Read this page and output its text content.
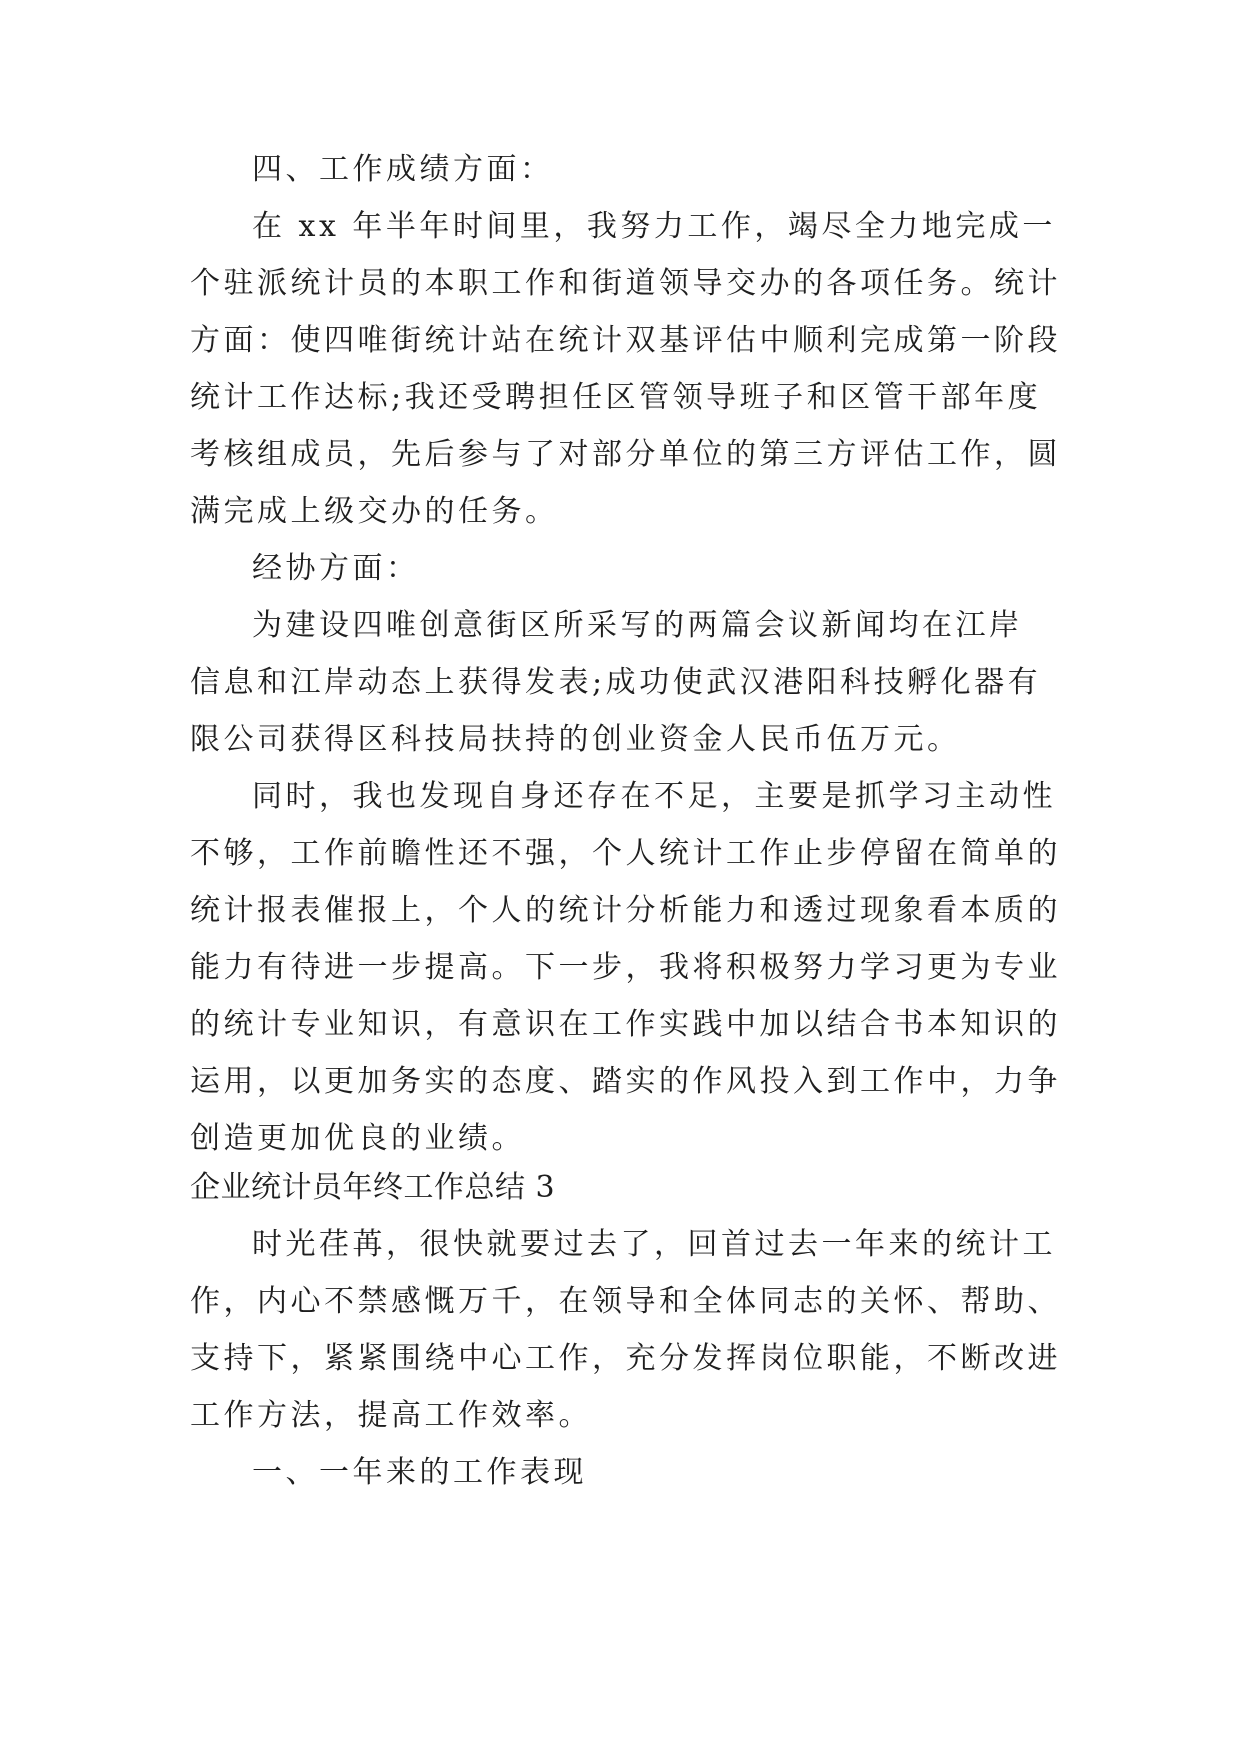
四、工作成绩方面：
在 xx 年半年时间里，我努力工作，竭尽全力地完成一
个驻派统计员的本职工作和街道领导交办的各项任务。统计
方面：使四唯街统计站在统计双基评估中顺利完成第一阶段
统计工作达标;我还受聘担任区管领导班子和区管干部年度
考核组成员，先后参与了对部分单位的第三方评估工作，圆
满完成上级交办的任务。
经协方面：
为建设四唯创意街区所采写的两篇会议新闻均在江岸
信息和江岸动态上获得发表;成功使武汉港阳科技孵化器有
限公司获得区科技局扶持的创业资金人民币伍万元。
同时，我也发现自身还存在不足，主要是抓学习主动性
不够，工作前瞻性还不强，个人统计工作止步停留在简单的
统计报表催报上，个人的统计分析能力和透过现象看本质的
能力有待进一步提高。下一步，我将积极努力学习更为专业
的统计专业知识，有意识在工作实践中加以结合书本知识的
运用，以更加务实的态度、踏实的作风投入到工作中，力争
创造更加优良的业绩。
企业统计员年终工作总结 3
时光荏苒，很快就要过去了，回首过去一年来的统计工
作，内心不禁感慨万千，在领导和全体同志的关怀、帮助、
支持下，紧紧围绕中心工作，充分发挥岗位职能，不断改进
工作方法，提高工作效率。
一、一年来的工作表现
